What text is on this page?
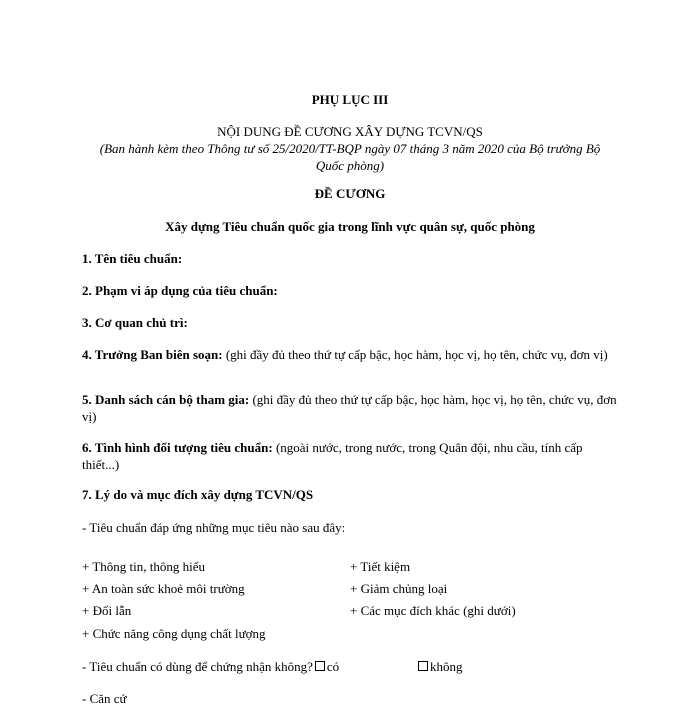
PHỤ LỤC III
NỘI DUNG ĐỀ CƯƠNG XÂY DỰNG TCVN/QS
(Ban hành kèm theo Thông tư số 25/2020/TT-BQP ngày 07 tháng 3 năm 2020 của Bộ trưởng Bộ
Quốc phòng)
ĐỀ CƯƠNG
Xây dựng Tiêu chuẩn quốc gia trong lĩnh vực quân sự, quốc phòng
1. Tên tiêu chuẩn:
2. Phạm vi áp dụng của tiêu chuẩn:
3. Cơ quan chủ trì:
4. Trưởng Ban biên soạn: (ghi đầy đủ theo thứ tự cấp bậc, học hàm, học vị, họ tên, chức vụ, đơn vị)
5. Danh sách cán bộ tham gia: (ghi đầy đủ theo thứ tự cấp bậc, học hàm, học vị, họ tên, chức vụ, đơn vị)
6. Tình hình đối tượng tiêu chuẩn: (ngoài nước, trong nước, trong Quân đội, nhu cầu, tính cấp thiết...)
7. Lý do và mục đích xây dựng TCVN/QS
- Tiêu chuẩn đáp ứng những mục tiêu nào sau đây:
+ Thông tin, thông hiểu
+ An toàn sức khoẻ môi trường
+ Đổi lẫn
+ Chức năng công dụng chất lượng
+ Tiết kiệm
+ Giảm chủng loại
+ Các mục đích khác (ghi dưới)
- Tiêu chuẩn có dùng để chứng nhận không? có	không
- Căn cứ
